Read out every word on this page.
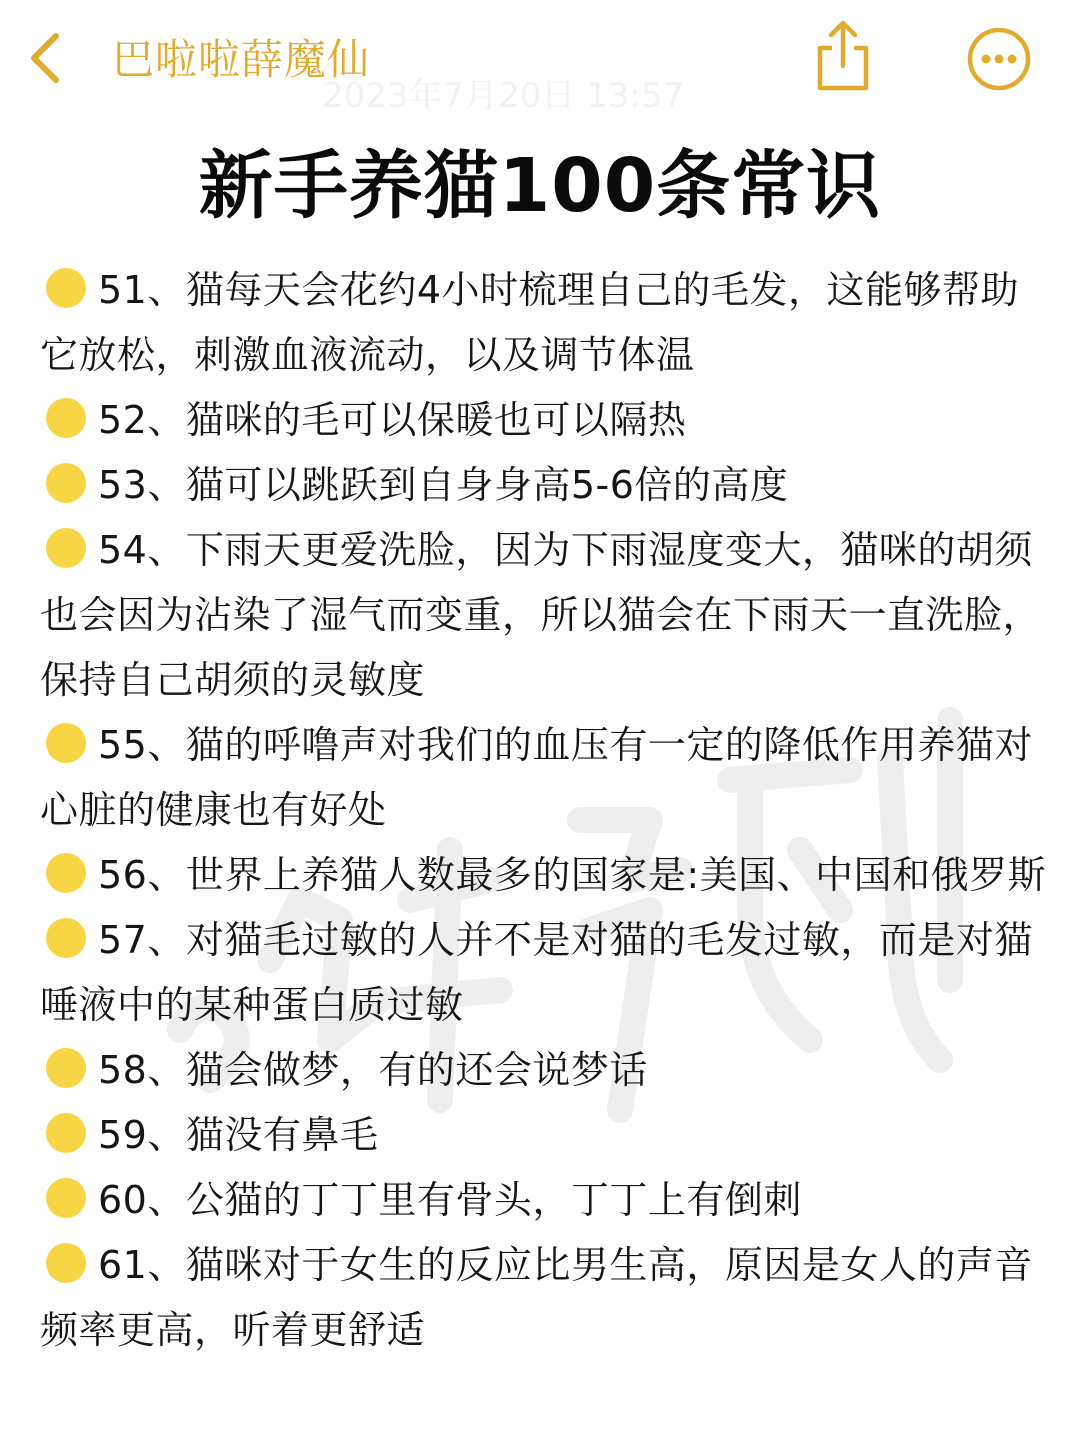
2023年7月20日 13:57
巴啦啦薛魔仙
新手养猫100条常识
51、猫每天会花约4小时梳理自己的毛发，这能够帮助它放松，刺激血液流动，以及调节体温
52、猫咪的毛可以保暖也可以隔热
53、猫可以跳跃到自身身高5-6倍的高度
54、下雨天更爱洗脸，因为下雨湿度变大，猫咪的胡须也会因为沾染了湿气而变重，所以猫会在下雨天一直洗脸，保持自己胡须的灵敏度
55、猫的呼噜声对我们的血压有一定的降低作用养猫对心脏的健康也有好处
56、世界上养猫人数最多的国家是:美国、中国和俄罗斯
57、对猫毛过敏的人并不是对猫的毛发过敏，而是对猫唾液中的某种蛋白质过敏
58、猫会做梦，有的还会说梦话
59、猫没有鼻毛
60、公猫的丁丁里有骨头，丁丁上有倒刺
61、猫咪对于女生的反应比男生高，原因是女人的声音频率更高，听着更舒适
